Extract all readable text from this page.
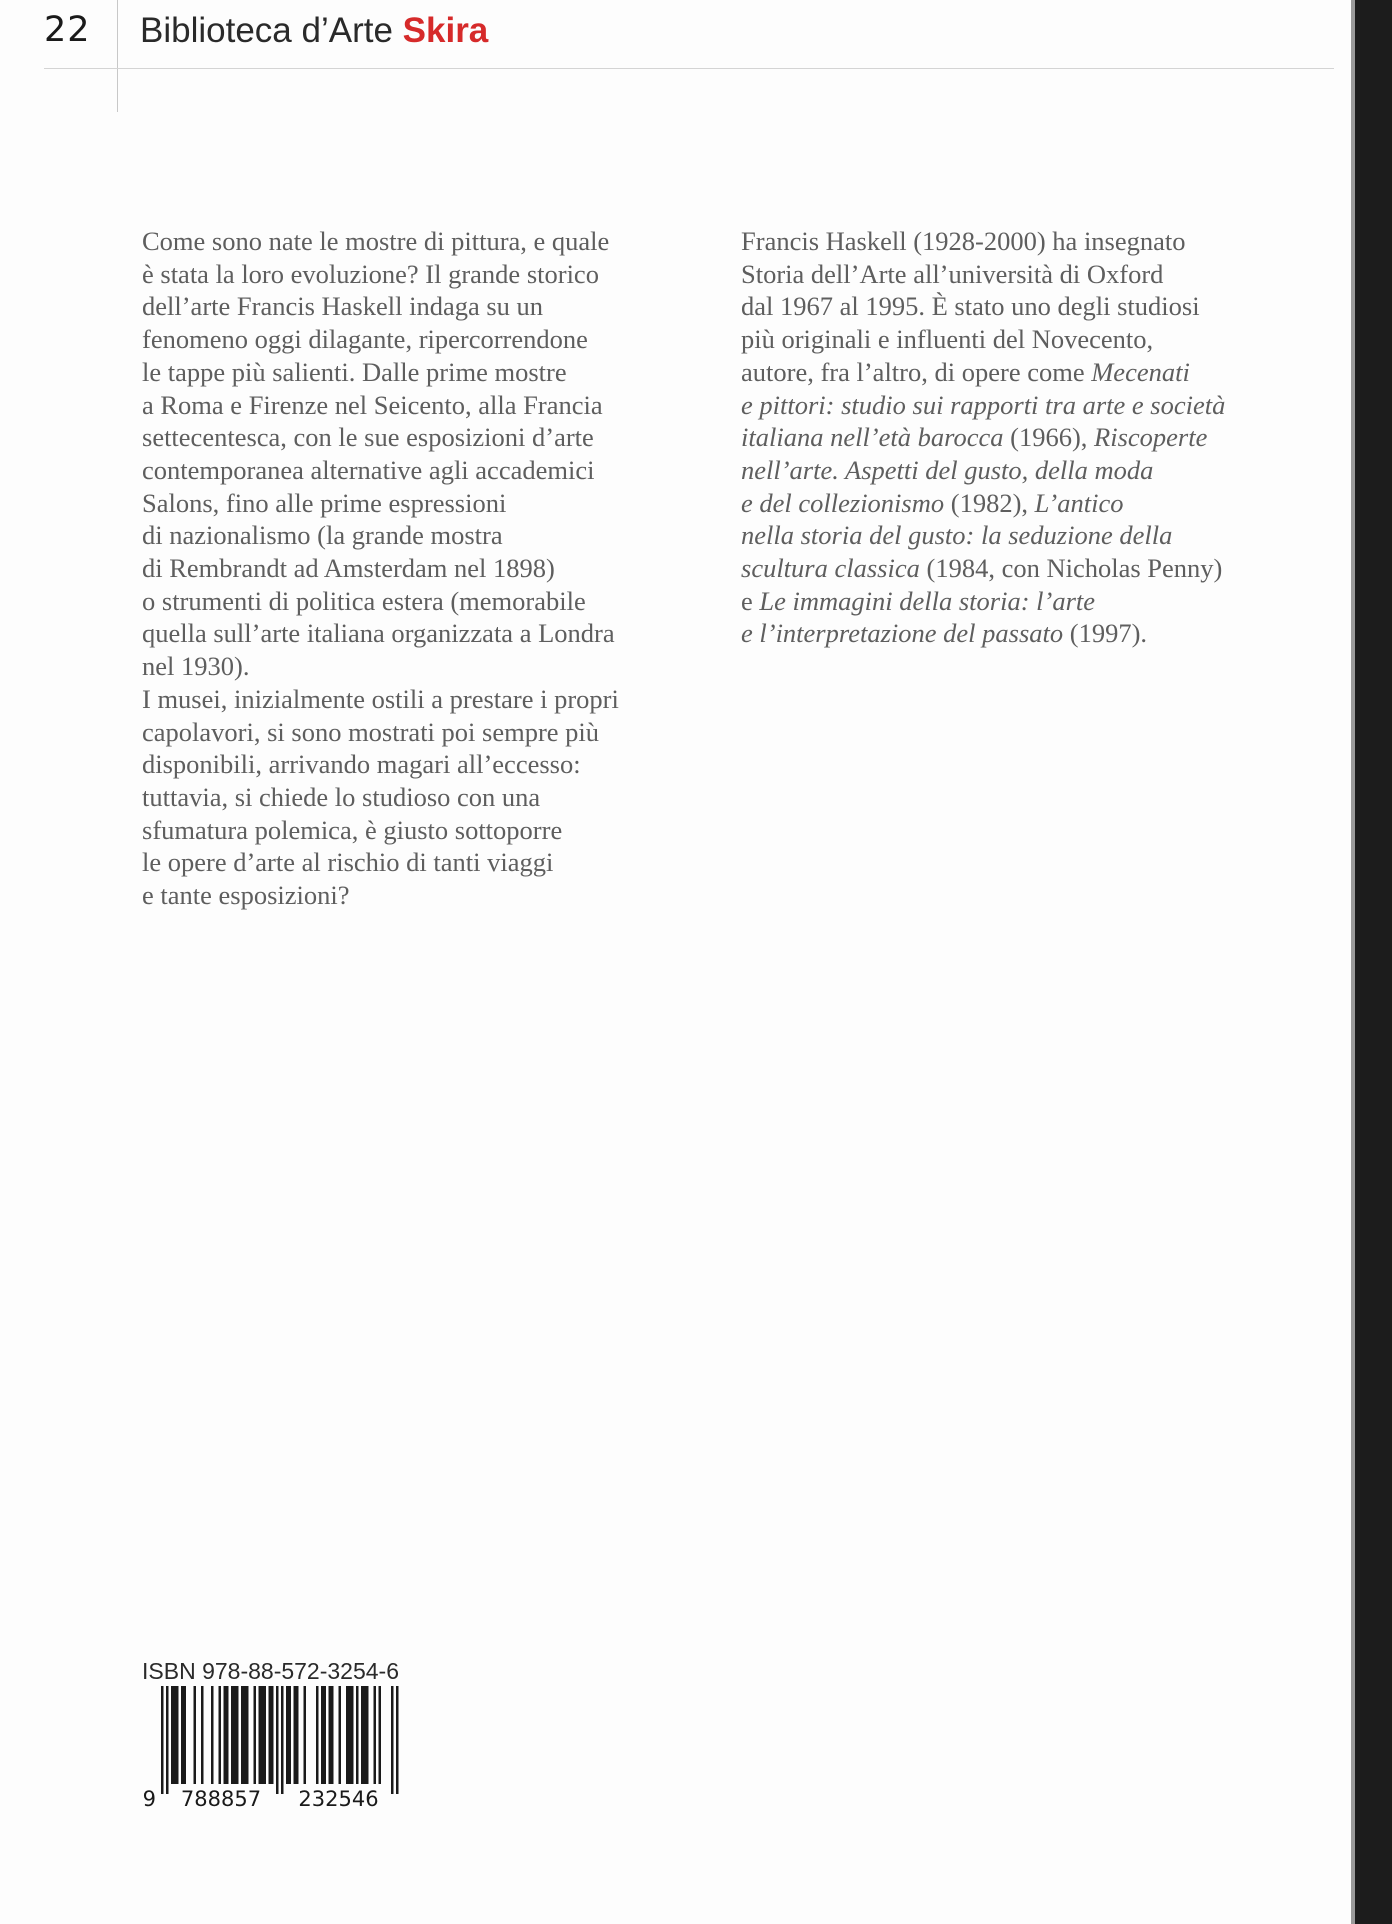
22 Biblioteca d’Arte Skira
Come sono nate le mostre di pittura, e quale
è stata la loro evoluzione? Il grande storico
dell’arte Francis Haskell indaga su un
fenomeno oggi dilagante, ripercorrendone
le tappe più salienti. Dalle prime mostre
a Roma e Firenze nel Seicento, alla Francia
settecentesca, con le sue esposizioni d’arte
contemporanea alternative agli accademici
Salons, fino alle prime espressioni
di nazionalismo (la grande mostra
di Rembrandt ad Amsterdam nel 1898)
o strumenti di politica estera (memorabile
quella sull’arte italiana organizzata a Londra
nel 1930).
I musei, inizialmente ostili a prestare i propri
capolavori, si sono mostrati poi sempre più
disponibili, arrivando magari all’eccesso:
tuttavia, si chiede lo studioso con una
sfumatura polemica, è giusto sottoporre
le opere d’arte al rischio di tanti viaggi
e tante esposizioni?
Francis Haskell (1928-2000) ha insegnato
Storia dell’Arte all’università di Oxford
dal 1967 al 1995. È stato uno degli studiosi
più originali e influenti del Novecento,
autore, fra l’altro, di opere come Mecenati
e pittori: studio sui rapporti tra arte e società
italiana nell’età barocca (1966), Riscoperte
nell’arte. Aspetti del gusto, della moda
e del collezionismo (1982), L’antico
nella storia del gusto: la seduzione della
scultura classica (1984, con Nicholas Penny)
e Le immagini della storia: l’arte
e l’interpretazione del passato (1997).
ISBN 978-88-572-3254-6
9 788857 232546
